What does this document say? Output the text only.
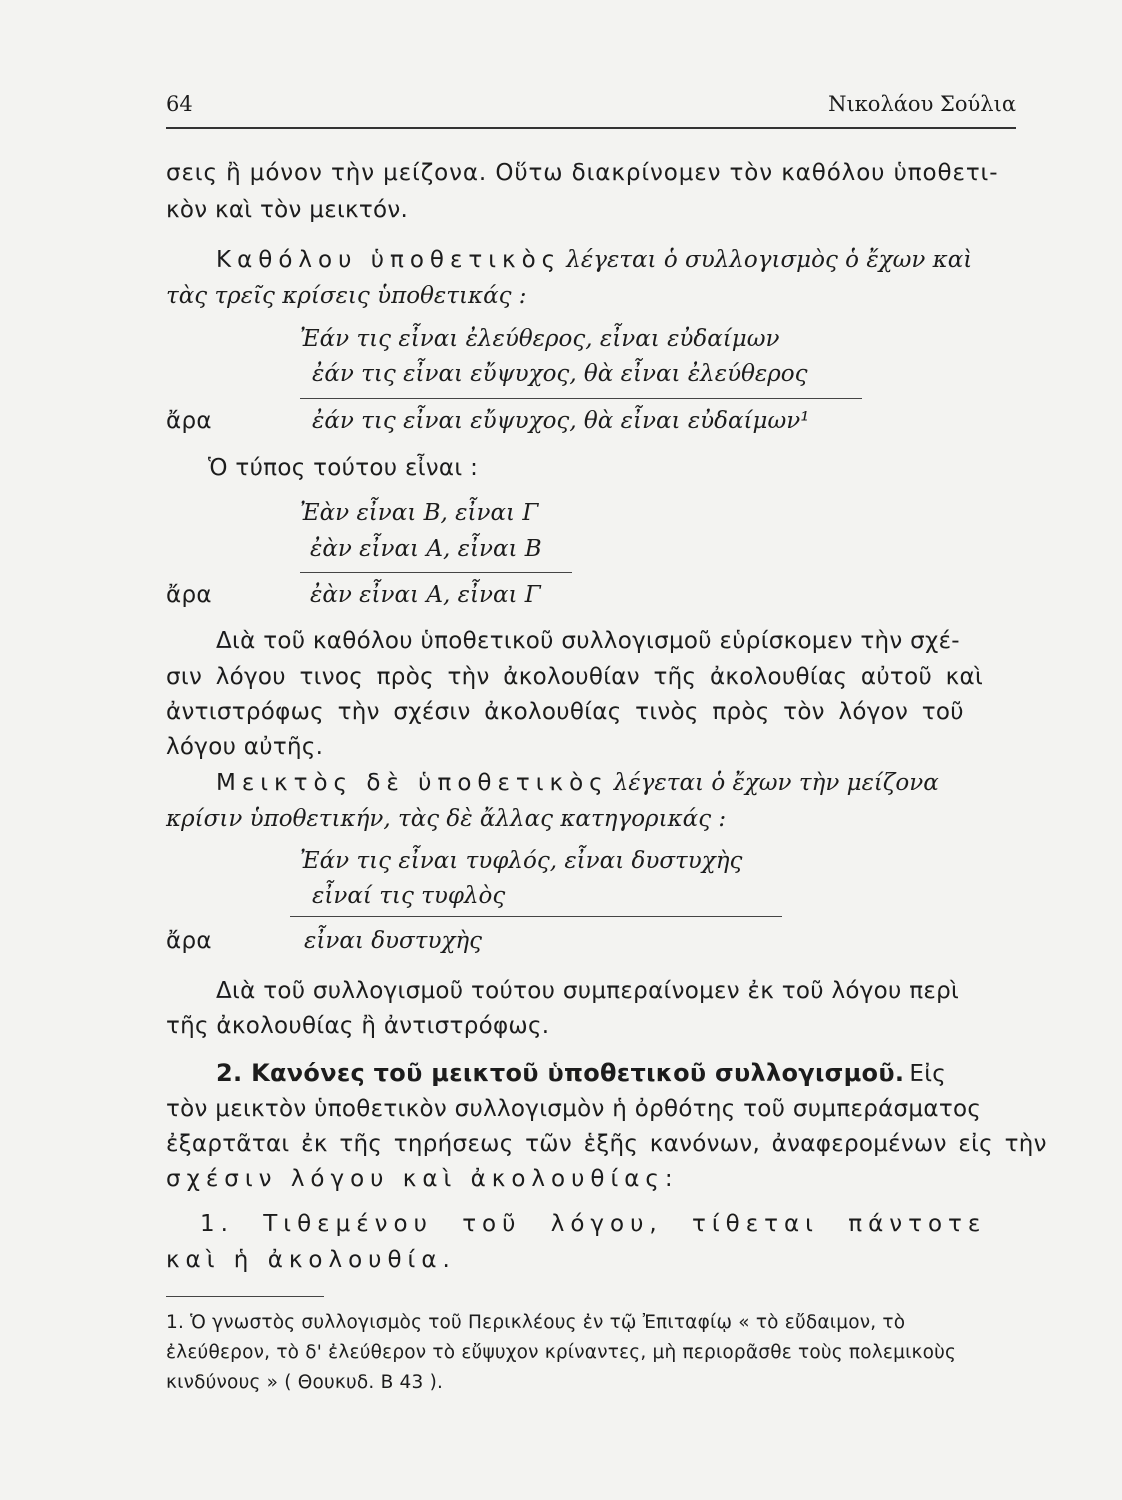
64	Νικολάου Σούλια
σεις ἢ μόνον τὴν μείζονα. Οὕτω διακρίνομεν τὸν καθόλου ὑποθετι-
κὸν καὶ τὸν μεικτόν.
Καθόλου ὑποθετικὸς λέγεται ὁ συλλογισμὸς ὁ ἔχων καὶ
τὰς τρεῖς κρίσεις ὑποθετικάς :
Ἐάν τις εἶναι ἐλεύθερος, εἶναι εὐδαίμων
ἐάν τις εἶναι εὔψυχος, θὰ εἶναι ἐλεύθερος
ἄρα	ἐάν τις εἶναι εὔψυχος, θὰ εἶναι εὐδαίμων¹
Ὁ τύπος τούτου εἶναι :
Ἐὰν εἶναι Β, εἶναι Γ
ἐὰν εἶναι Α, εἶναι Β
ἄρα	ἐὰν εἶναι Α, εἶναι Γ
Διὰ τοῦ καθόλου ὑποθετικοῦ συλλογισμοῦ εὑρίσκομεν τὴν σχέ-
σιν λόγου τινος πρὸς τὴν ἀκολουθίαν τῆς ἀκολουθίας αὐτοῦ καὶ
ἀντιστρόφως τὴν σχέσιν ἀκολουθίας τινὸς πρὸς τὸν λόγον τοῦ
λόγου αὐτῆς.
Μεικτὸς δὲ ὑποθετικὸς λέγεται ὁ ἔχων τὴν μείζονα
κρίσιν ὑποθετικήν, τὰς δὲ ἄλλας κατηγορικάς :
Ἐάν τις εἶναι τυφλός, εἶναι δυστυχὴς
εἶναί τις τυφλὸς
ἄρα	εἶναι δυστυχὴς
Διὰ τοῦ συλλογισμοῦ τούτου συμπεραίνομεν ἐκ τοῦ λόγου περὶ
τῆς ἀκολουθίας ἢ ἀντιστρόφως.
2. Κανόνες τοῦ μεικτοῦ ὑποθετικοῦ συλλογισμοῦ. Εἰς
τὸν μεικτὸν ὑποθετικὸν συλλογισμὸν ἡ ὀρθότης τοῦ συμπεράσματος
ἐξαρτᾶται ἐκ τῆς τηρήσεως τῶν ἑξῆς κανόνων, ἀναφερομένων εἰς τὴν
σχέσιν λόγου καὶ ἀκολουθίας:
1. Τιθεμένου τοῦ λόγου, τίθεται πάντοτε
καὶ ἡ ἀκολουθία.
1. Ὁ γνωστὸς συλλογισμὸς τοῦ Περικλέους ἐν τῷ Ἐπιταφίῳ « τὸ εὔδαιμον, τὸ
ἐλεύθερον, τὸ δ' ἐλεύθερον τὸ εὔψυχον κρίναντες, μὴ περιορᾶσθε τοὺς πολεμικοὺς
κινδύνους » ( Θουκυδ. Β 43 ).
